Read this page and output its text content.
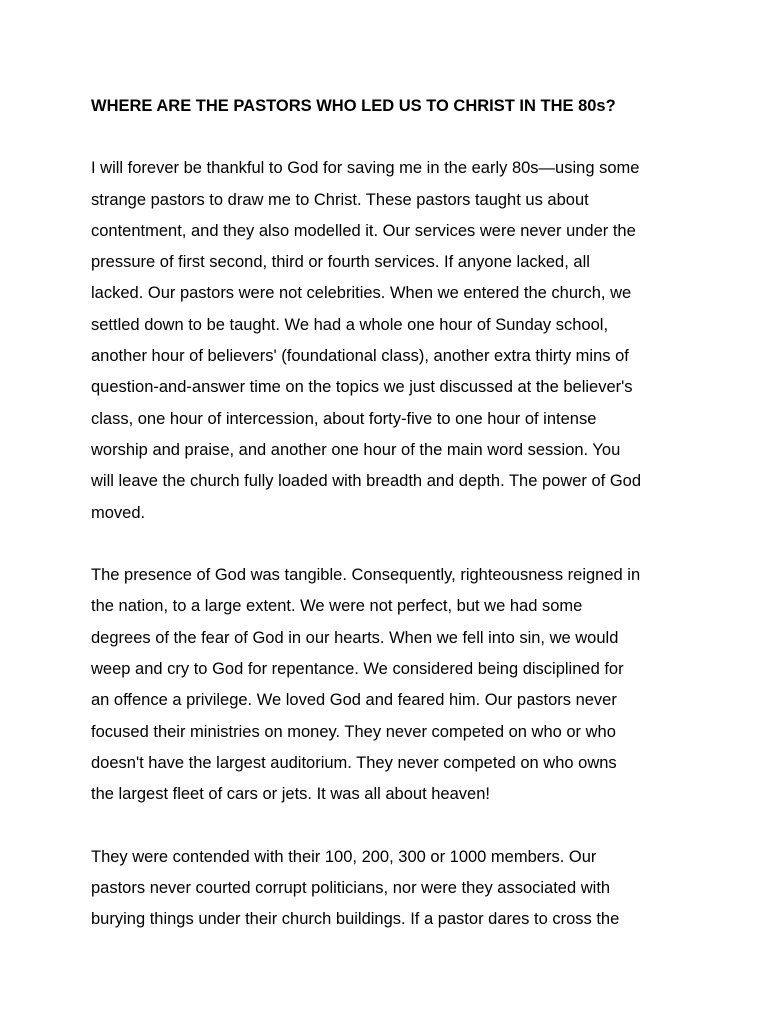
WHERE ARE THE PASTORS WHO LED US TO CHRIST IN THE 80s?
I will forever be thankful to God for saving me in the early 80s—using some
strange pastors to draw me to Christ. These pastors taught us about
contentment, and they also modelled it. Our services were never under the
pressure of first second, third or fourth services. If anyone lacked, all
lacked. Our pastors were not celebrities. When we entered the church, we
settled down to be taught. We had a whole one hour of Sunday school,
another hour of believers' (foundational class), another extra thirty mins of
question-and-answer time on the topics we just discussed at the believer's
class, one hour of intercession, about forty-five to one hour of intense
worship and praise, and another one hour of the main word session. You
will leave the church fully loaded with breadth and depth. The power of God
moved.
The presence of God was tangible. Consequently, righteousness reigned in
the nation, to a large extent. We were not perfect, but we had some
degrees of the fear of God in our hearts. When we fell into sin, we would
weep and cry to God for repentance. We considered being disciplined for
an offence a privilege. We loved God and feared him. Our pastors never
focused their ministries on money. They never competed on who or who
doesn't have the largest auditorium. They never competed on who owns
the largest fleet of cars or jets. It was all about heaven!
They were contended with their 100, 200, 300 or 1000 members. Our
pastors never courted corrupt politicians, nor were they associated with
burying things under their church buildings. If a pastor dares to cross the
